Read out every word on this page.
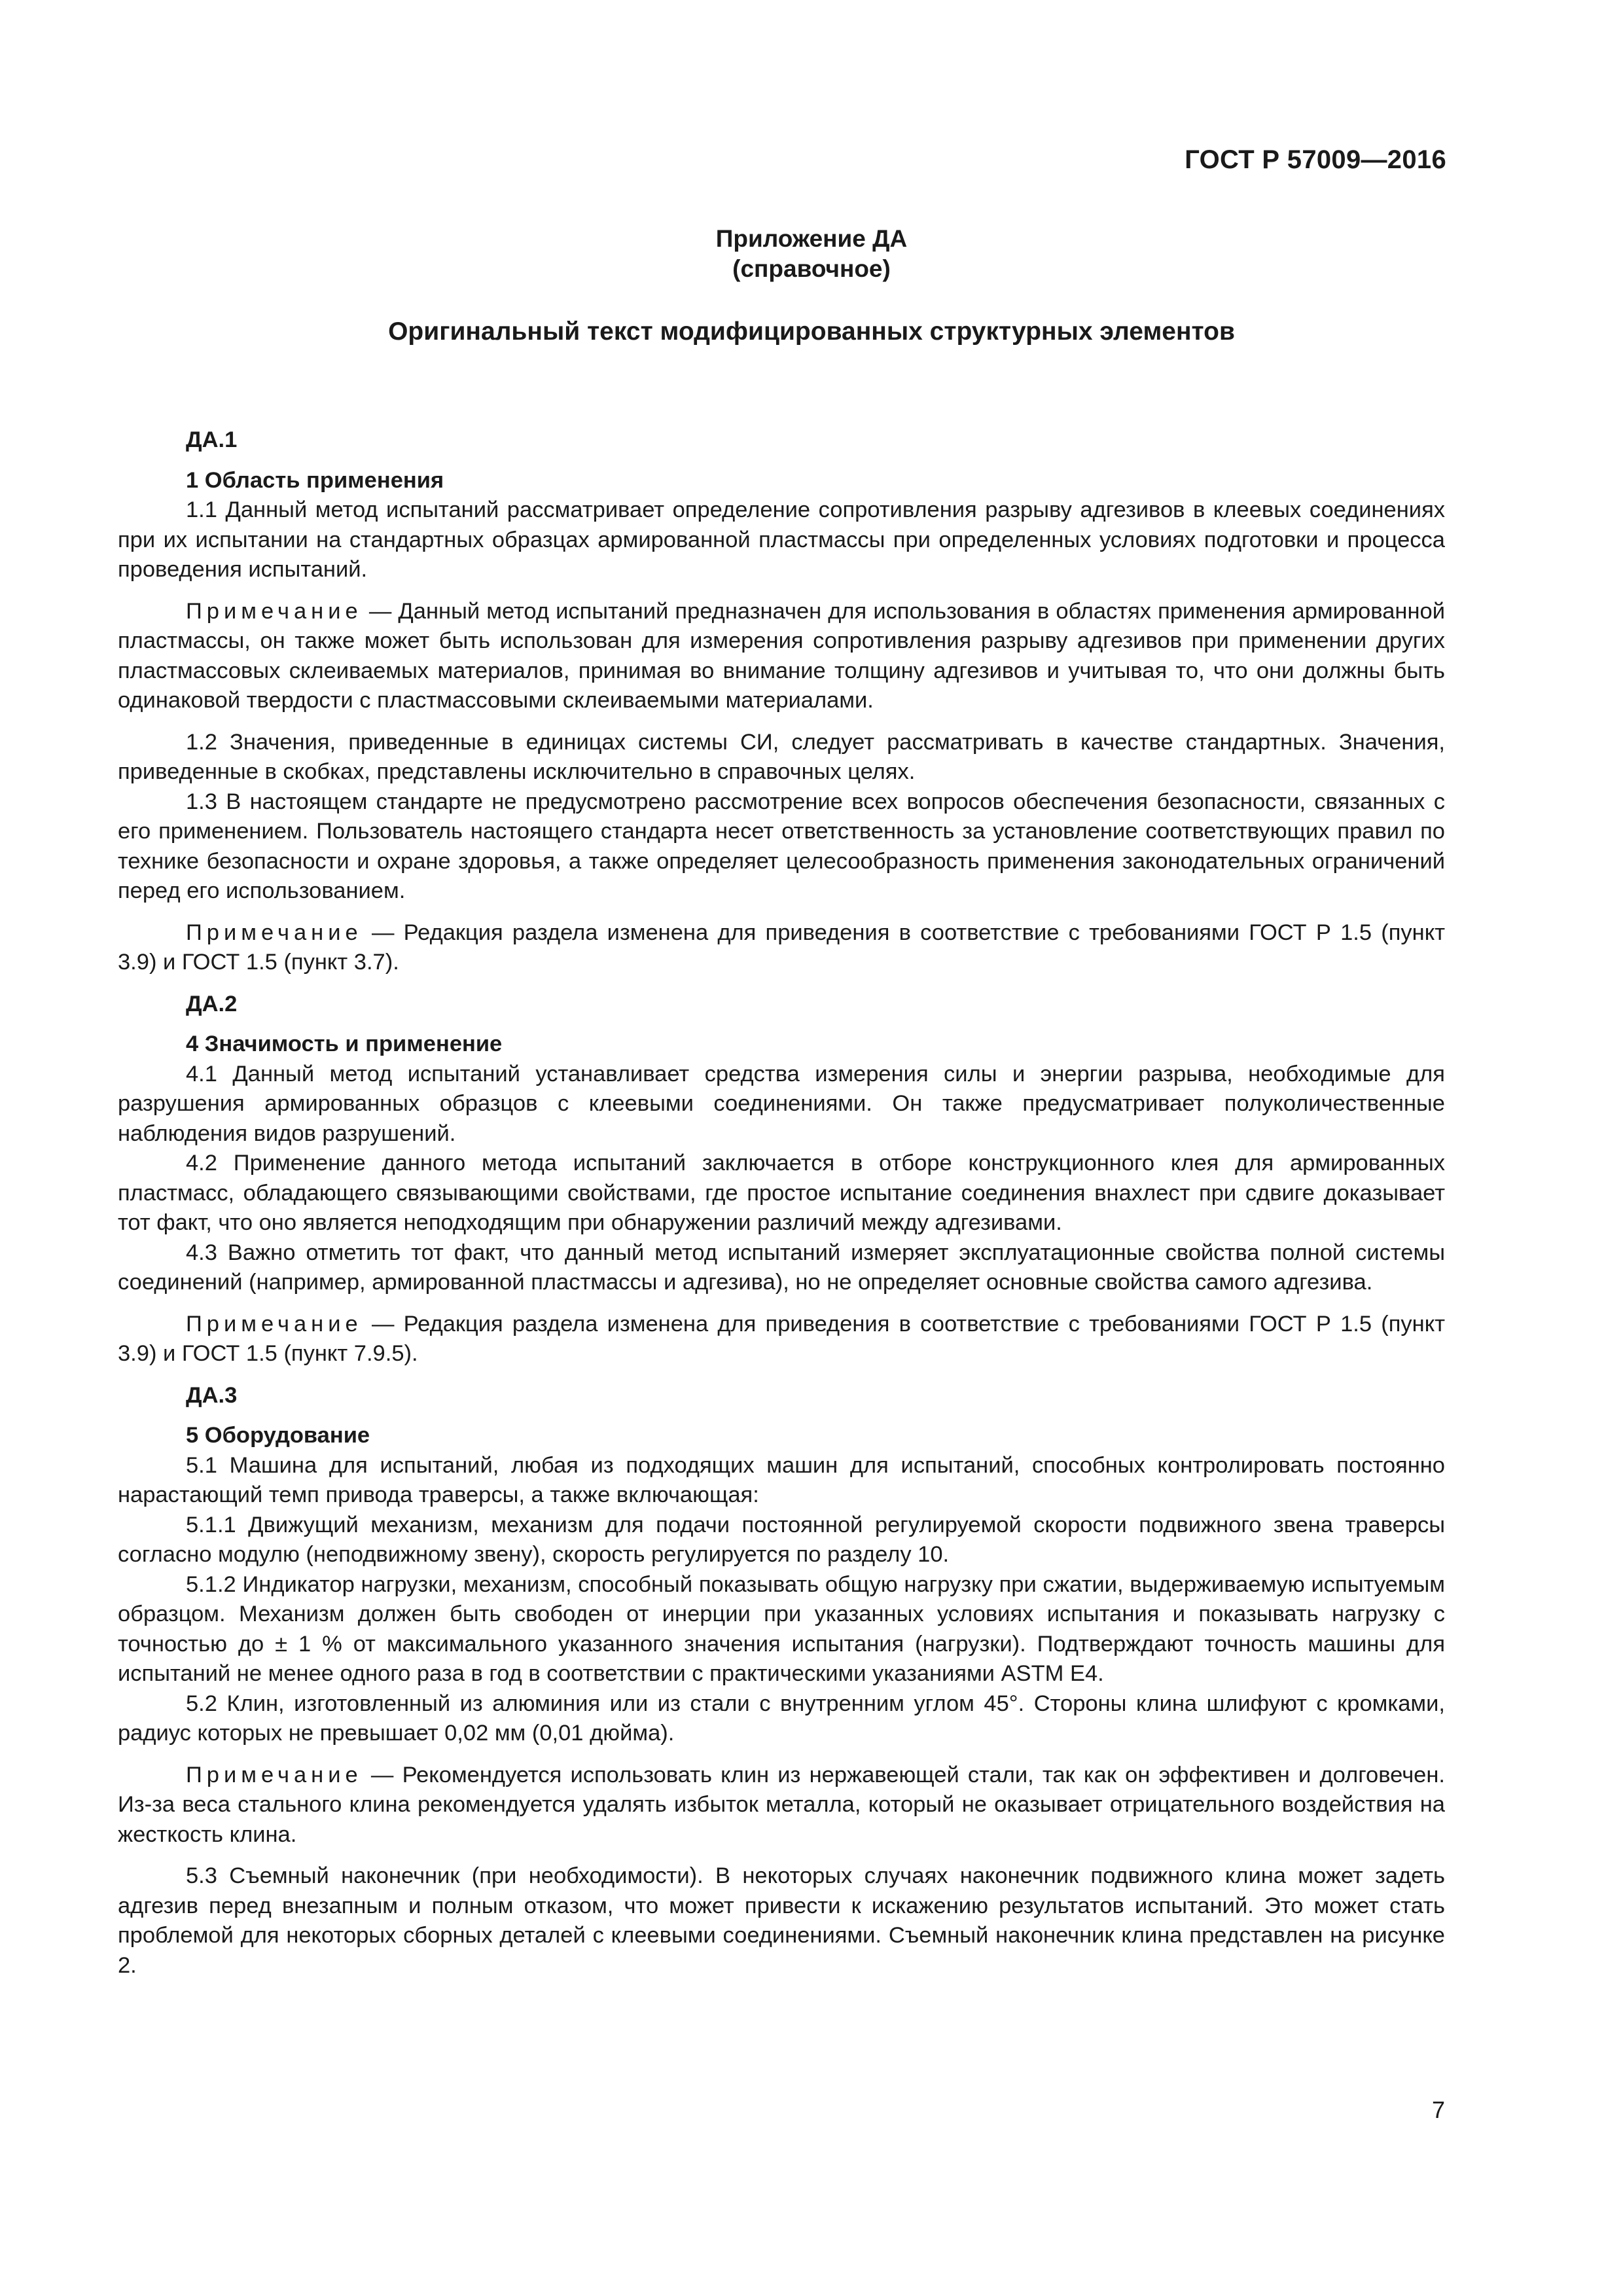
ГОСТ Р 57009—2016
Приложение ДА
(справочное)
Оригинальный текст модифицированных структурных элементов
ДА.1
1 Область применения

1.1 Данный метод испытаний рассматривает определение сопротивления разрыву адгезивов в клеевых соединениях при их испытании на стандартных образцах армированной пластмассы при определенных условиях подготовки и процесса проведения испытаний.

Примечание — Данный метод испытаний предназначен для использования в областях применения армированной пластмассы, он также может быть использован для измерения сопротивления разрыву адгезивов при применении других пластмассовых склеиваемых материалов, принимая во внимание толщину адгезивов и учитывая то, что они должны быть одинаковой твердости с пластмассовыми склеиваемыми материалами.

1.2 Значения, приведенные в единицах системы СИ, следует рассматривать в качестве стандартных. Значения, приведенные в скобках, представлены исключительно в справочных целях.

1.3 В настоящем стандарте не предусмотрено рассмотрение всех вопросов обеспечения безопасности, связанных с его применением. Пользователь настоящего стандарта несет ответственность за установление соответствующих правил по технике безопасности и охране здоровья, а также определяет целесообразность применения законодательных ограничений перед его использованием.

Примечание — Редакция раздела изменена для приведения в соответствие с требованиями ГОСТ Р 1.5 (пункт 3.9) и ГОСТ 1.5 (пункт 3.7).

ДА.2
4 Значимость и применение

4.1 Данный метод испытаний устанавливает средства измерения силы и энергии разрыва, необходимые для разрушения армированных образцов с клеевыми соединениями. Он также предусматривает полуколичественные наблюдения видов разрушений.

4.2 Применение данного метода испытаний заключается в отборе конструкционного клея для армированных пластмасс, обладающего связывающими свойствами, где простое испытание соединения внахлест при сдвиге доказывает тот факт, что оно является неподходящим при обнаружении различий между адгезивами.

4.3 Важно отметить тот факт, что данный метод испытаний измеряет эксплуатационные свойства полной системы соединений (например, армированной пластмассы и адгезива), но не определяет основные свойства самого адгезива.

Примечание — Редакция раздела изменена для приведения в соответствие с требованиями ГОСТ Р 1.5 (пункт 3.9) и ГОСТ 1.5 (пункт 7.9.5).

ДА.3
5 Оборудование

5.1 Машина для испытаний, любая из подходящих машин для испытаний, способных контролировать постоянно нарастающий темп привода траверсы, а также включающая:

5.1.1 Движущий механизм, механизм для подачи постоянной регулируемой скорости подвижного звена траверсы согласно модулю (неподвижному звену), скорость регулируется по разделу 10.

5.1.2 Индикатор нагрузки, механизм, способный показывать общую нагрузку при сжатии, выдерживаемую испытуемым образцом. Механизм должен быть свободен от инерции при указанных условиях испытания и показывать нагрузку с точностью до ± 1 % от максимального указанного значения испытания (нагрузки). Подтверждают точность машины для испытаний не менее одного раза в год в соответствии с практическими указаниями ASTM E4.

5.2 Клин, изготовленный из алюминия или из стали с внутренним углом 45°. Стороны клина шлифуют с кромками, радиус которых не превышает 0,02 мм (0,01 дюйма).

Примечание — Рекомендуется использовать клин из нержавеющей стали, так как он эффективен и долговечен. Из-за веса стального клина рекомендуется удалять избыток металла, который не оказывает отрицательного воздействия на жесткость клина.

5.3 Съемный наконечник (при необходимости). В некоторых случаях наконечник подвижного клина может задеть адгезив перед внезапным и полным отказом, что может привести к искажению результатов испытаний. Это может стать проблемой для некоторых сборных деталей с клеевыми соединениями. Съемный наконечник клина представлен на рисунке 2.

7
